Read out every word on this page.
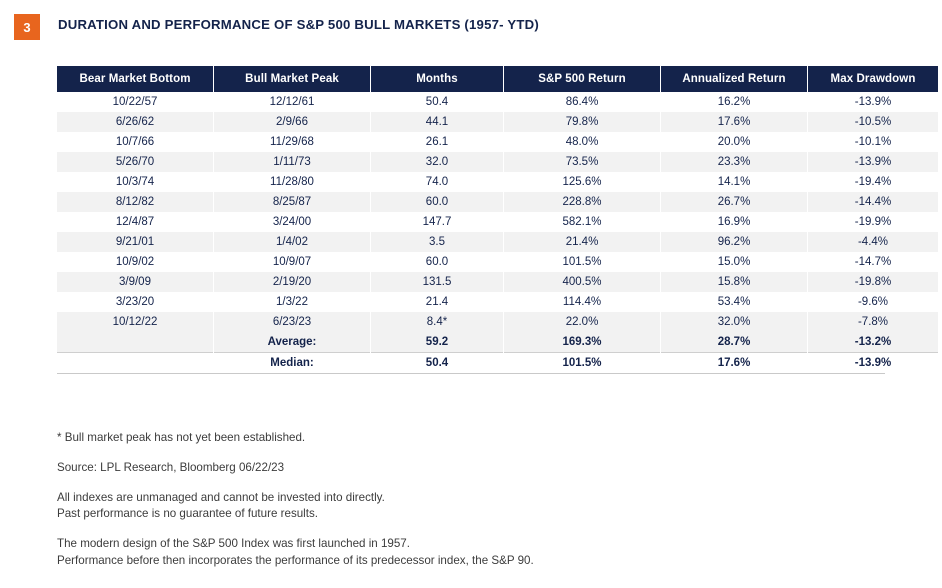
3	DURATION AND PERFORMANCE OF S&P 500 BULL MARKETS (1957- YTD)
Bear Market Bottom	Bull Market Peak	Months	S&P 500 Return	Annualized Return	Max Drawdown
10/22/57	12/12/61	50.4	86.4%	16.2%	-13.9%
6/26/62	2/9/66	44.1	79.8%	17.6%	-10.5%
10/7/66	11/29/68	26.1	48.0%	20.0%	-10.1%
5/26/70	1/11/73	32.0	73.5%	23.3%	-13.9%
10/3/74	11/28/80	74.0	125.6%	14.1%	-19.4%
8/12/82	8/25/87	60.0	228.8%	26.7%	-14.4%
12/4/87	3/24/00	147.7	582.1%	16.9%	-19.9%
9/21/01	1/4/02	3.5	21.4%	96.2%	-4.4%
10/9/02	10/9/07	60.0	101.5%	15.0%	-14.7%
3/9/09	2/19/20	131.5	400.5%	15.8%	-19.8%
3/23/20	1/3/22	21.4	114.4%	53.4%	-9.6%
10/12/22	6/23/23	8.4*	22.0%	32.0%	-7.8%
	Average:	59.2	169.3%	28.7%	-13.2%
	Median:	50.4	101.5%	17.6%	-13.9%
* Bull market peak has not yet been established.
Source: LPL Research, Bloomberg 06/22/23
All indexes are unmanaged and cannot be invested into directly.
Past performance is no guarantee of future results.
The modern design of the S&P 500 Index was first launched in 1957.
Performance before then incorporates the performance of its predecessor index, the S&P 90.
